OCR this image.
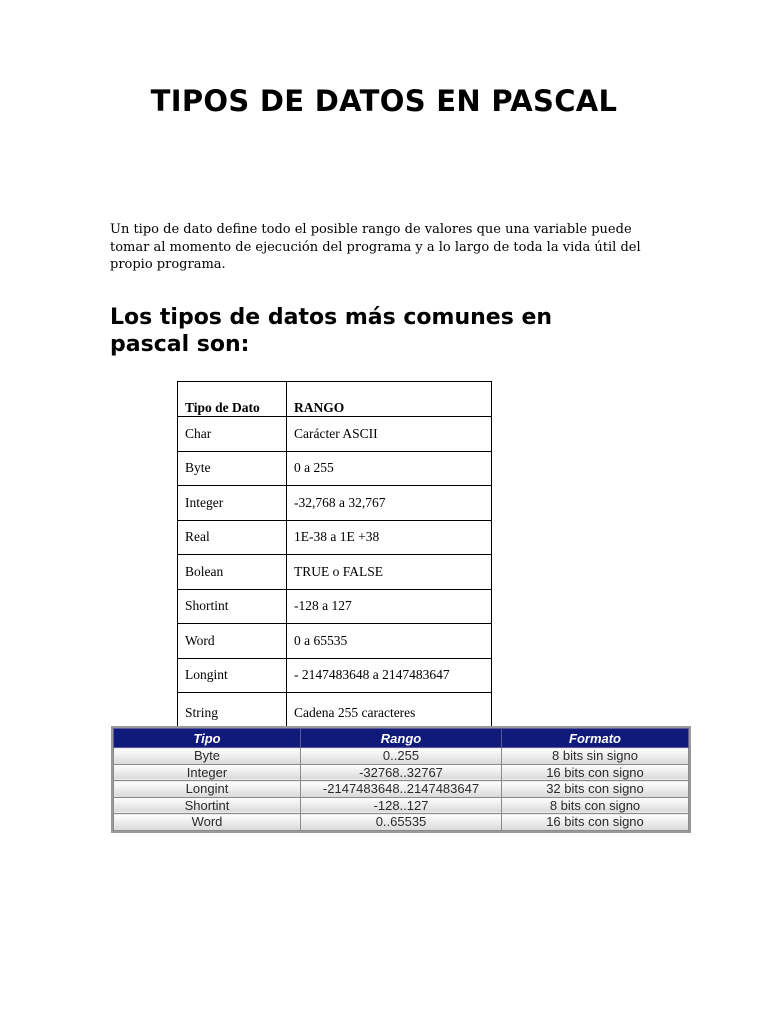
TIPOS DE DATOS EN PASCAL
Un tipo de dato define todo el posible rango de valores que una variable puede tomar al momento de ejecución del programa y a lo largo de toda la vida útil del propio programa.
Los tipos de datos más comunes en pascal son:
Tipo de Dato	RANGO
Char	Carácter ASCII
Byte	0 a 255
Integer	-32,768 a 32,767
Real	1E-38 a 1E +38
Bolean	TRUE o FALSE
Shortint	-128 a 127
Word	0 a 65535
Longint	- 2147483648 a 2147483647
String	Cadena 255 caracteres
Tipo	Rango	Formato
Byte	0..255	8 bits sin signo
Integer	-32768..32767	16 bits con signo
Longint	-2147483648..2147483647	32 bits con signo
Shortint	-128..127	8 bits con signo
Word	0..65535	16 bits con signo
